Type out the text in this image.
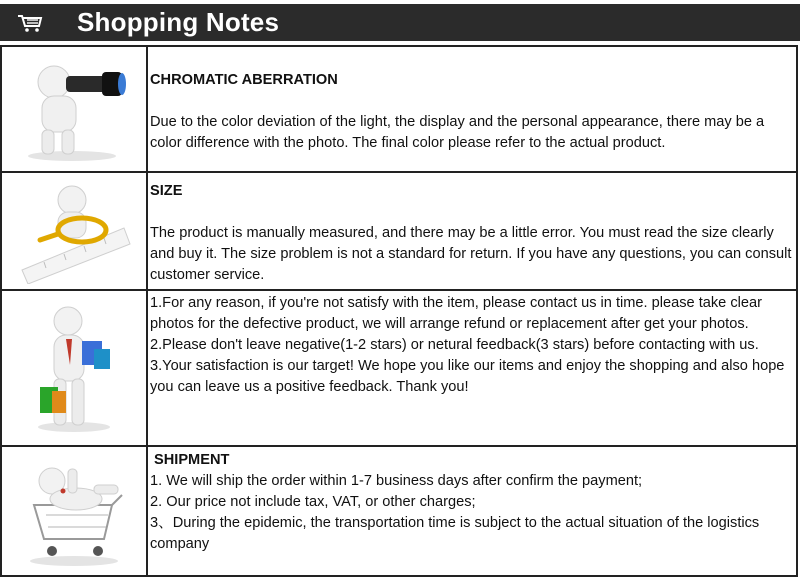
Shopping Notes

CHROMATIC ABERRATION

Due to the color deviation of the light, the display and the personal appearance, there may be a color difference with the photo. The final color please refer to the actual product.

SIZE

The product is manually measured, and there may be a little error. You must read the size clearly and buy it. The size problem is not a standard for return. If you have any questions, you can consult customer service.

1.For any reason, if you're not satisfy with the item, please contact us in time. please take clear photos for the defective product, we will arrange refund or replacement after get your photos.

2.Please don't leave negative(1-2 stars) or netural feedback(3 stars) before contacting with us.

3.Your satisfaction is our target! We hope you like our items and enjoy the shopping and also hope you can leave us a positive feedback. Thank you!

SHIPMENT

1. We will ship the order within 1-7 business days after confirm the payment;

2. Our price not include tax, VAT, or other charges;

3、During the epidemic, the transportation time is subject to the actual situation of the logistics company
